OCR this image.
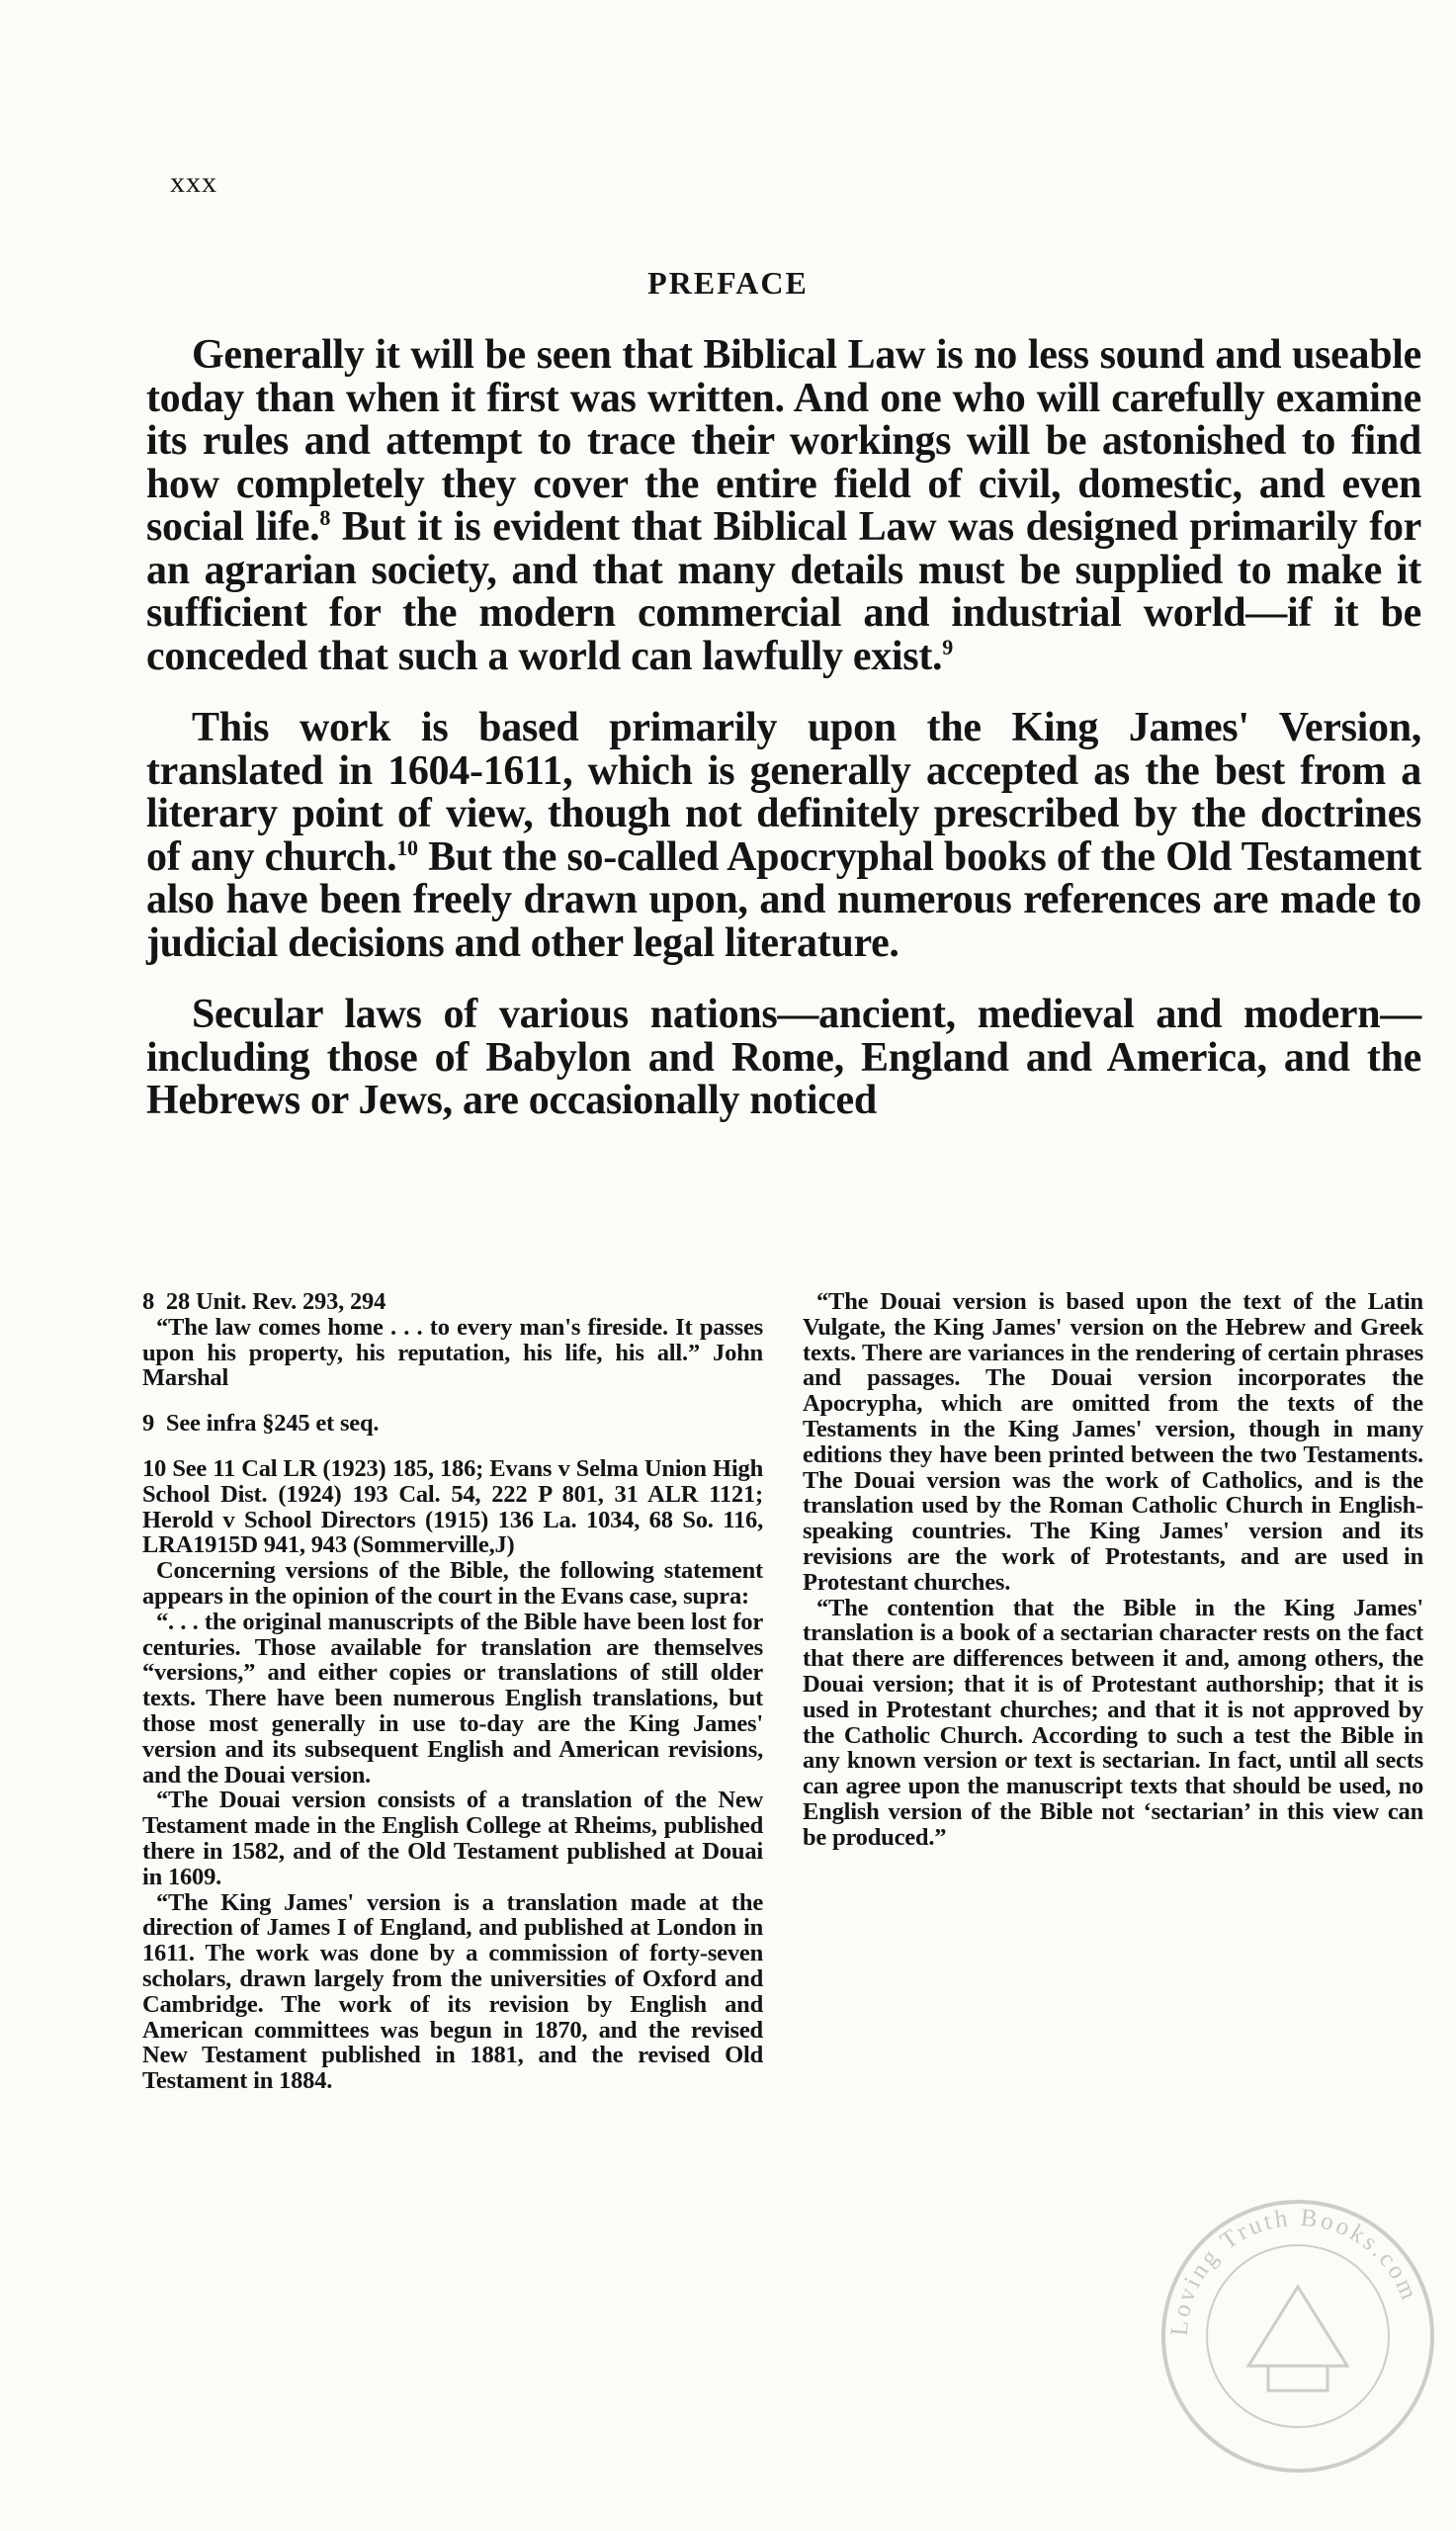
xxx
PREFACE

Generally it will be seen that Biblical Law is no less sound and useable today than when it first was written. And one who will carefully examine its rules and attempt to trace their workings will be astonished to find how completely they cover the entire field of civil, domestic, and even social life.$^8$ But it is evident that Biblical Law was designed primarily for an agrarian society, and that many details must be supplied to make it sufficient for the modern commercial and industrial world—if it be conceded that such a world can lawfully exist.$^9$

This work is based primarily upon the King James' Version, translated in 1604-1611, which is generally accepted as the best from a literary point of view, though not definitely prescribed by the doctrines of any church.$^{10}$ But the so-called Apocryphal books of the Old Testament also have been freely drawn upon, and numerous references are made to judicial decisions and other legal literature.

Secular laws of various nations—ancient, medieval and modern—including those of Babylon and Rome, England and America, and the Hebrews or Jews, are occasionally noticed

8 28 Unit. Rev. 293, 294

“The law comes home . . . to every man's fireside. It passes upon his property, his reputation, his life, his all.” John Marshal

9 See infra §245 et seq.

10 See 11 Cal LR (1923) 185, 186; Evans v Selma Union High School Dist. (1924) 193 Cal. 54, 222 P 801, 31 ALR 1121; Herold v School Directors (1915) 136 La. 1034, 68 So. 116, LRA1915D 941, 943 (Sommerville,J)

Concerning versions of the Bible, the following statement appears in the opinion of the court in the Evans case, supra:

“. . . the original manuscripts of the Bible have been lost for centuries. Those available for translation are themselves “versions,” and either copies or translations of still older texts. There have been numerous English translations, but those most generally in use to-day are the King James' version and its subsequent English and American revisions, and the Douai version.

“The Douai version consists of a translation of the New Testament made in the English College at Rheims, published there in 1582, and of the Old Testament published at Douai in 1609.

“The King James' version is a translation made at the direction of James I of England, and published at London in 1611. The work was done by a commission of forty-seven scholars, drawn largely from the universities of Oxford and Cambridge. The work of its revision by English and American committees was begun in 1870, and the revised New Testament published in 1881, and the revised Old Testament in 1884.

“The Douai version is based upon the text of the Latin Vulgate, the King James' version on the Hebrew and Greek texts. There are variances in the rendering of certain phrases and passages. The Douai version incorporates the Apocrypha, which are omitted from the texts of the Testaments in the King James' version, though in many editions they have been printed between the two Testaments. The Douai version was the work of Catholics, and is the translation used by the Roman Catholic Church in English-speaking countries. The King James' version and its revisions are the work of Protestants, and are used in Protestant churches.

“The contention that the Bible in the King James' translation is a book of a sectarian character rests on the fact that there are differences between it and, among others, the Douai version; that it is of Protestant authorship; that it is used in Protestant churches; and that it is not approved by the Catholic Church. According to such a test the Bible in any known version or text is sectarian. In fact, until all sects can agree upon the manuscript texts that should be used, no English version of the Bible not ‘sectarian’ in this view can be produced.”

Loving Truth Books.com
